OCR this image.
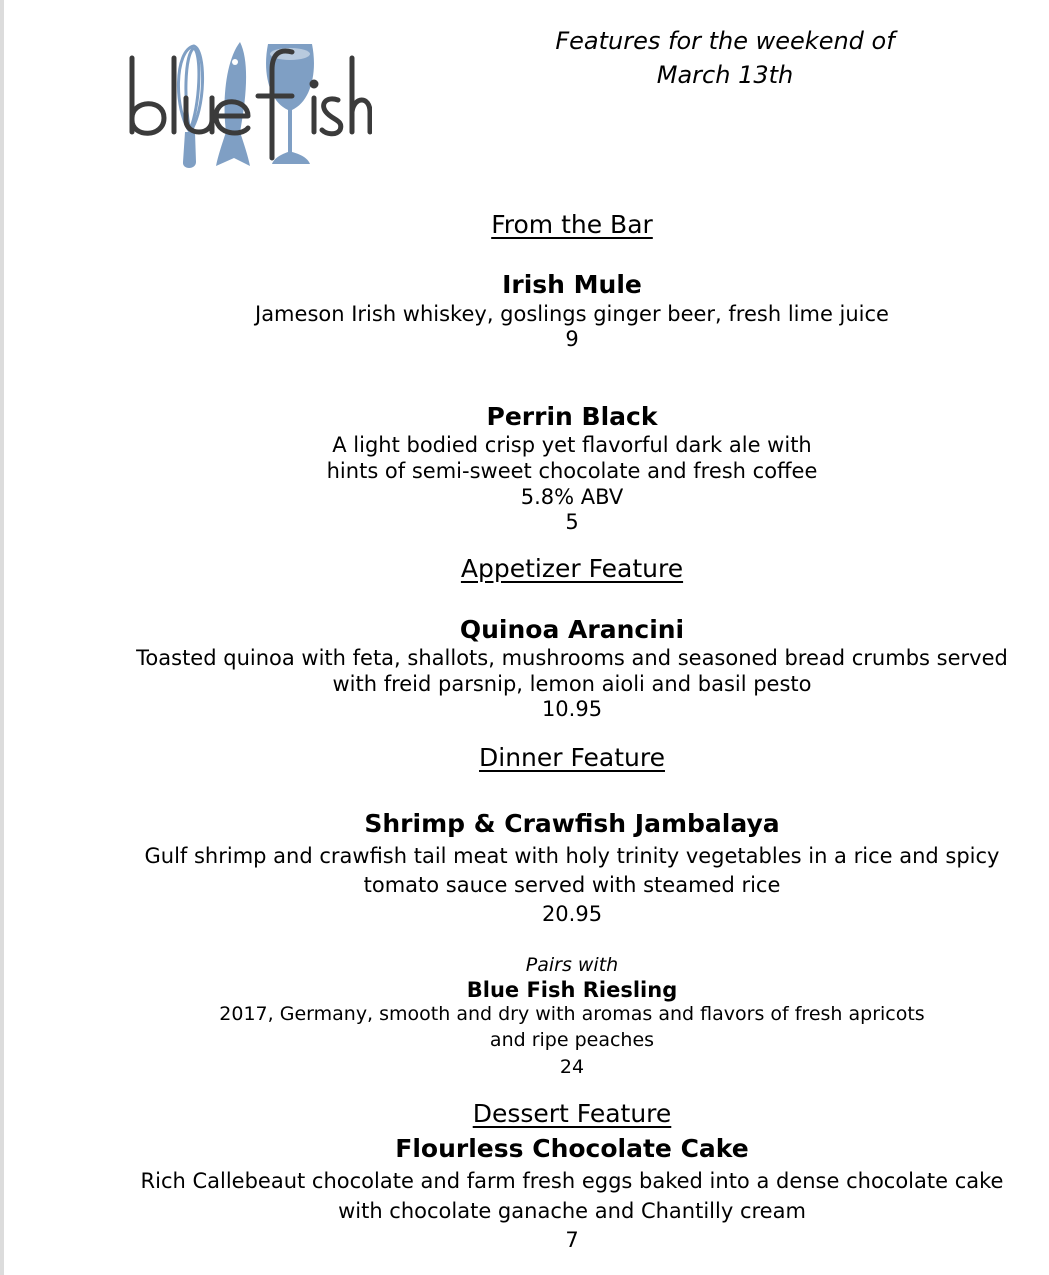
Features for the weekend of
March 13th
From the Bar
Irish Mule
Jameson Irish whiskey, goslings ginger beer, fresh lime juice
9
Perrin Black
A light bodied crisp yet flavorful dark ale with
hints of semi-sweet chocolate and fresh coffee
5.8% ABV
5
Appetizer Feature
Quinoa Arancini
Toasted quinoa with feta, shallots, mushrooms and seasoned bread crumbs served
with freid parsnip, lemon aioli and basil pesto
10.95
Dinner Feature
Shrimp & Crawfish Jambalaya
Gulf shrimp and crawfish tail meat with holy trinity vegetables in a rice and spicy
tomato sauce served with steamed rice
20.95
Pairs with
Blue Fish Riesling
2017, Germany, smooth and dry with aromas and flavors of fresh apricots
and ripe peaches
24
Dessert Feature
Flourless Chocolate Cake
Rich Callebeaut chocolate and farm fresh eggs baked into a dense chocolate cake
with chocolate ganache and Chantilly cream
7
